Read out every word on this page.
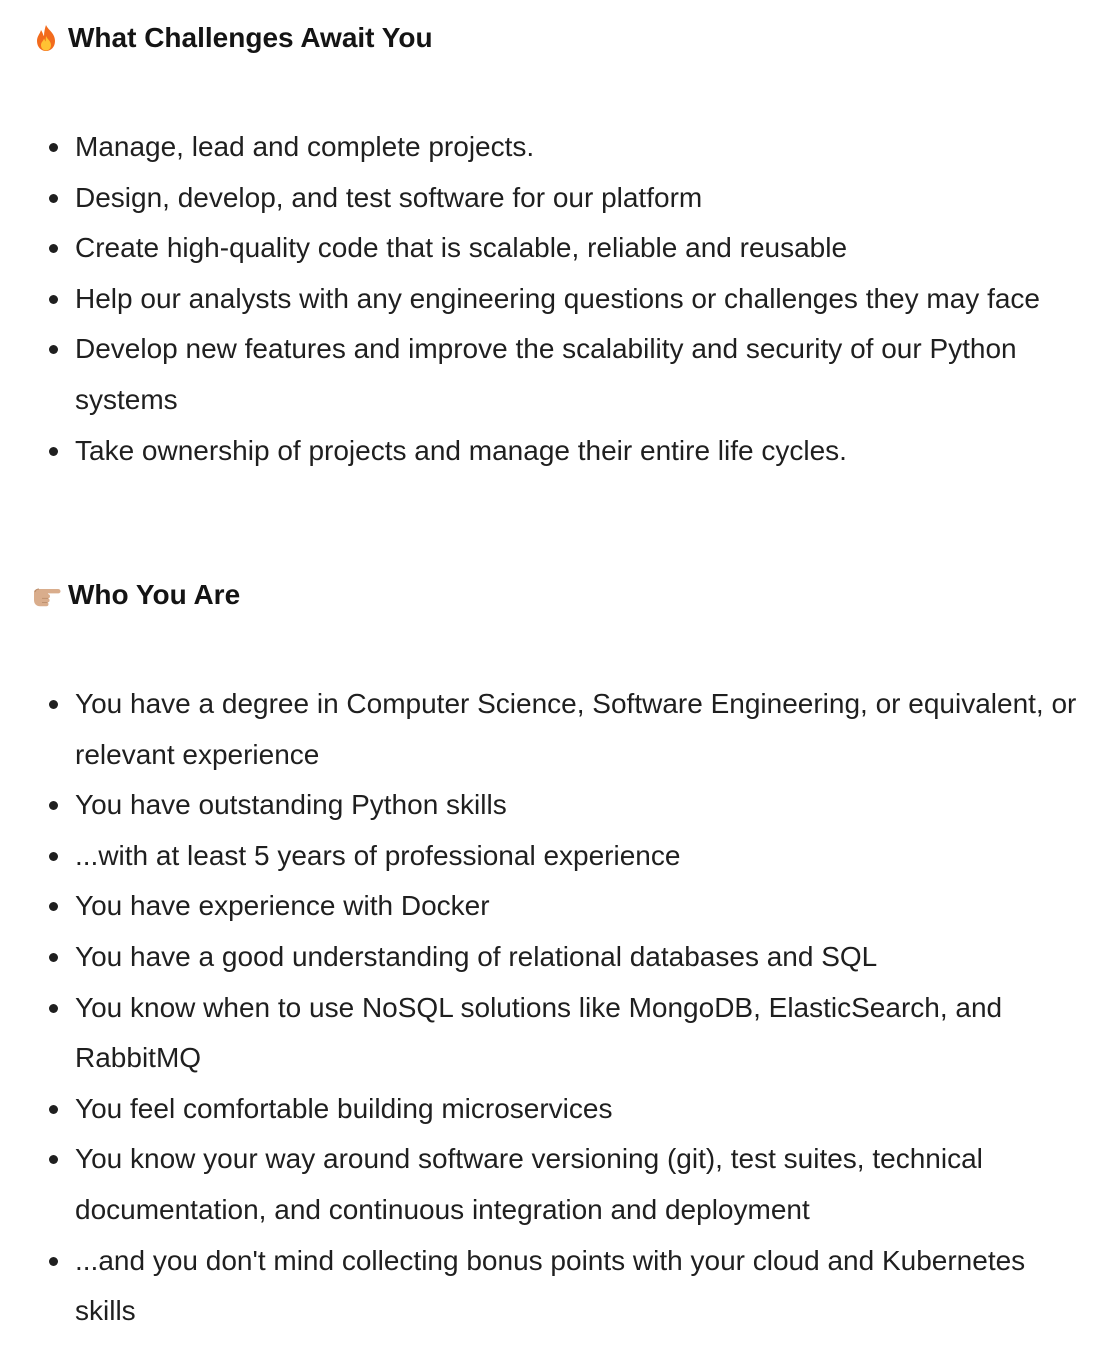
What Challenges Await You
Manage, lead and complete projects.
Design, develop, and test software for our platform
Create high-quality code that is scalable, reliable and reusable
Help our analysts with any engineering questions or challenges they may face
Develop new features and improve the scalability and security of our Python systems
Take ownership of projects and manage their entire life cycles.
Who You Are
You have a degree in Computer Science, Software Engineering, or equivalent, or relevant experience
You have outstanding Python skills
...with at least 5 years of professional experience
You have experience with Docker
You have a good understanding of relational databases and SQL
You know when to use NoSQL solutions like MongoDB, ElasticSearch, and RabbitMQ
You feel comfortable building microservices
You know your way around software versioning (git), test suites, technical documentation, and continuous integration and deployment
...and you don't mind collecting bonus points with your cloud and Kubernetes skills
